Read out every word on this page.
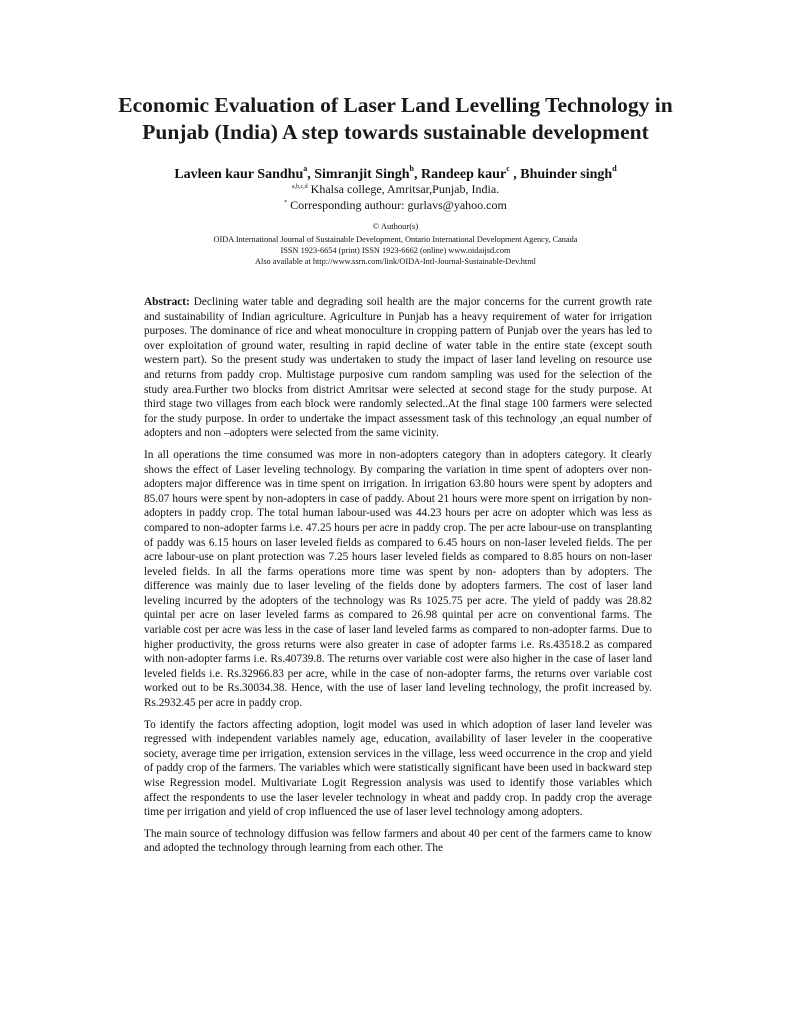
Economic Evaluation of Laser Land Levelling Technology in
Punjab (India) A step towards sustainable development
Lavleen kaur Sandhu$^a$, Simranjit Singh$^b$, Randeep kaur$^c$ , Bhuinder singh$^d$
$^{a,b,c,d}$ Khalsa college, Amritsar,Punjab, India.
* Corresponding authour: gurlavs@yahoo.com
© Authour(s)
OIDA International Journal of Sustainable Development, Ontario International Development Agency, Canada
ISSN 1923-6654 (print) ISSN 1923-6662 (online) www.oidaijsd.com
Also available at http://www.ssrn.com/link/OIDA-Intl-Journal-Sustainable-Dev.html

Abstract: Declining water table and degrading soil health are the major concerns for the current growth rate and sustainability of Indian agriculture. Agriculture in Punjab has a heavy requirement of water for irrigation purposes. The dominance of rice and wheat monoculture in cropping pattern of Punjab over the years has led to over exploitation of ground water, resulting in rapid decline of water table in the entire state (except south western part). So the present study was undertaken to study the impact of laser land leveling on resource use and returns from paddy crop. Multistage purposive cum random sampling was used for the selection of the study area.Further two blocks from district Amritsar were selected at second stage for the study purpose. At third stage two villages from each block were randomly selected..At the final stage 100 farmers were selected for the study purpose. In order to undertake the impact assessment task of this technology ,an equal number of adopters and non –adopters were selected from the same vicinity.

In all operations the time consumed was more in non-adopters category than in adopters category. It clearly shows the effect of Laser leveling technology. By comparing the variation in time spent of adopters over non-adopters major difference was in time spent on irrigation. In irrigation 63.80 hours were spent by adopters and 85.07 hours were spent by non-adopters in case of paddy. About 21 hours were more spent on irrigation by non-adopters in paddy crop. The total human labour-used was 44.23 hours per acre on adopter which was less as compared to non-adopter farms i.e. 47.25 hours per acre in paddy crop. The per acre labour-use on transplanting of paddy was 6.15 hours on laser leveled fields as compared to 6.45 hours on non-laser leveled fields. The per acre labour-use on plant protection was 7.25 hours laser leveled fields as compared to 8.85 hours on non-laser leveled fields. In all the farms operations more time was spent by non- adopters than by adopters. The difference was mainly due to laser leveling of the fields done by adopters farmers. The cost of laser land leveling incurred by the adopters of the technology was Rs 1025.75 per acre. The yield of paddy was 28.82 quintal per acre on laser leveled farms as compared to 26.98 quintal per acre on conventional farms. The variable cost per acre was less in the case of laser land leveled farms as compared to non-adopter farms. Due to higher productivity, the gross returns were also greater in case of adopter farms i.e. Rs.43518.2 as compared with non-adopter farms i.e. Rs.40739.8. The returns over variable cost were also higher in the case of laser land leveled fields i.e. Rs.32966.83 per acre, while in the case of non-adopter farms, the returns over variable cost worked out to be Rs.30034.38. Hence, with the use of laser land leveling technology, the profit increased by. Rs.2932.45 per acre in paddy crop.

To identify the factors affecting adoption, logit model was used in which adoption of laser land leveler was regressed with independent variables namely age, education, availability of laser leveler in the cooperative society, average time per irrigation, extension services in the village, less weed occurrence in the crop and yield of paddy crop of the farmers. The variables which were statistically significant have been used in backward step wise Regression model. Multivariate Logit Regression analysis was used to identify those variables which affect the respondents to use the laser leveler technology in wheat and paddy crop. In paddy crop the average time per irrigation and yield of crop influenced the use of laser level technology among adopters.

The main source of technology diffusion was fellow farmers and about 40 per cent of the farmers came to know and adopted the technology through learning from each other. The
